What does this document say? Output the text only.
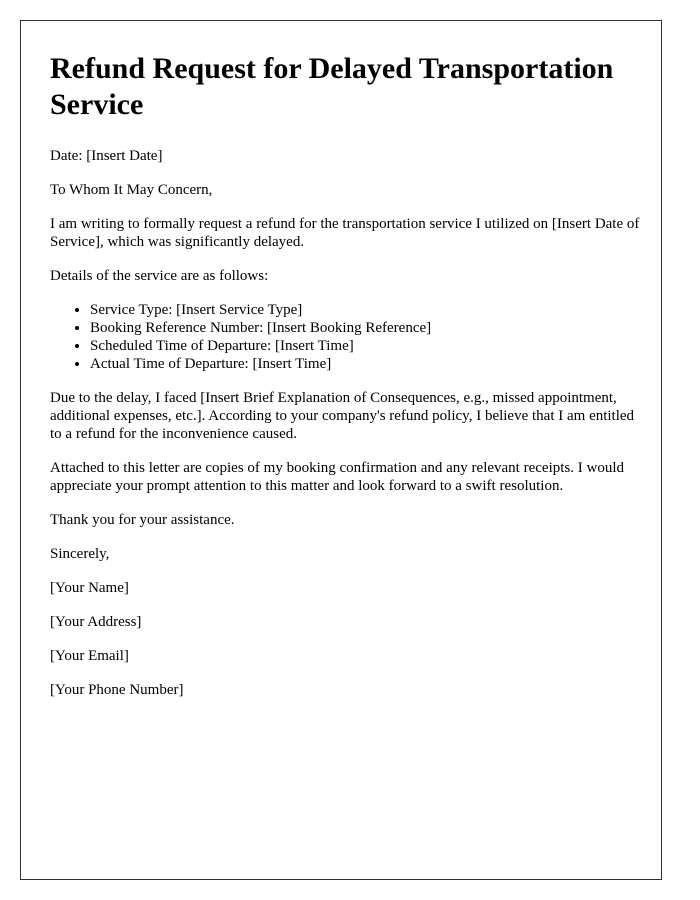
Refund Request for Delayed Transportation Service

Date: [Insert Date]

To Whom It May Concern,

I am writing to formally request a refund for the transportation service I utilized on [Insert Date of Service], which was significantly delayed.

Details of the service are as follows:

• Service Type: [Insert Service Type]
• Booking Reference Number: [Insert Booking Reference]
• Scheduled Time of Departure: [Insert Time]
• Actual Time of Departure: [Insert Time]

Due to the delay, I faced [Insert Brief Explanation of Consequences, e.g., missed appointment, additional expenses, etc.]. According to your company's refund policy, I believe that I am entitled to a refund for the inconvenience caused.

Attached to this letter are copies of my booking confirmation and any relevant receipts. I would appreciate your prompt attention to this matter and look forward to a swift resolution.

Thank you for your assistance.

Sincerely,

[Your Name]

[Your Address]

[Your Email]

[Your Phone Number]
